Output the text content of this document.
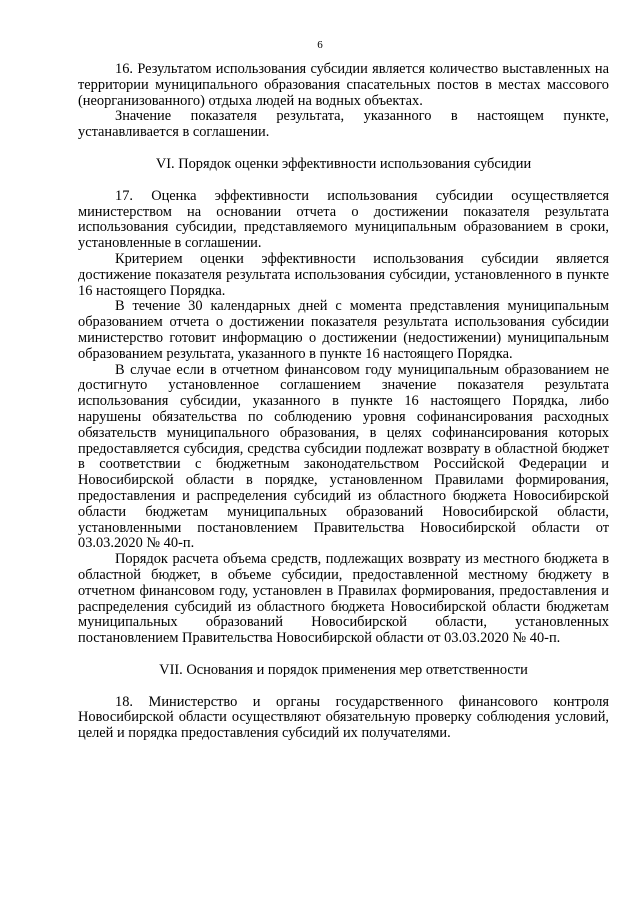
6

16. Результатом использования субсидии является количество выставленных на территории муниципального образования спасательных постов в местах массового (неорганизованного) отдыха людей на водных объектах.

Значение показателя результата, указанного в настоящем пункте, устанавливается в соглашении.

VI. Порядок оценки эффективности использования субсидии

17. Оценка эффективности использования субсидии осуществляется министерством на основании отчета о достижении показателя результата использования субсидии, представляемого муниципальным образованием в сроки, установленные в соглашении.

Критерием оценки эффективности использования субсидии является достижение показателя результата использования субсидии, установленного в пункте 16 настоящего Порядка.

В течение 30 календарных дней с момента представления муниципальным образованием отчета о достижении показателя результата использования субсидии министерство готовит информацию о достижении (недостижении) муниципальным образованием результата, указанного в пункте 16 настоящего Порядка.

В случае если в отчетном финансовом году муниципальным образованием не достигнуто установленное соглашением значение показателя результата использования субсидии, указанного в пункте 16 настоящего Порядка, либо нарушены обязательства по соблюдению уровня софинансирования расходных обязательств муниципального образования, в целях софинансирования которых предоставляется субсидия, средства субсидии подлежат возврату в областной бюджет в соответствии с бюджетным законодательством Российской Федерации и Новосибирской области в порядке, установленном Правилами формирования, предоставления и распределения субсидий из областного бюджета Новосибирской области бюджетам муниципальных образований Новосибирской области, установленными постановлением Правительства Новосибирской области от 03.03.2020 № 40-п.

Порядок расчета объема средств, подлежащих возврату из местного бюджета в областной бюджет, в объеме субсидии, предоставленной местному бюджету в отчетном финансовом году, установлен в Правилах формирования, предоставления и распределения субсидий из областного бюджета Новосибирской области бюджетам муниципальных образований Новосибирской области, установленных постановлением Правительства Новосибирской области от 03.03.2020 № 40-п.

VII. Основания и порядок применения мер ответственности

18. Министерство и органы государственного финансового контроля Новосибирской области осуществляют обязательную проверку соблюдения условий, целей и порядка предоставления субсидий их получателями.
